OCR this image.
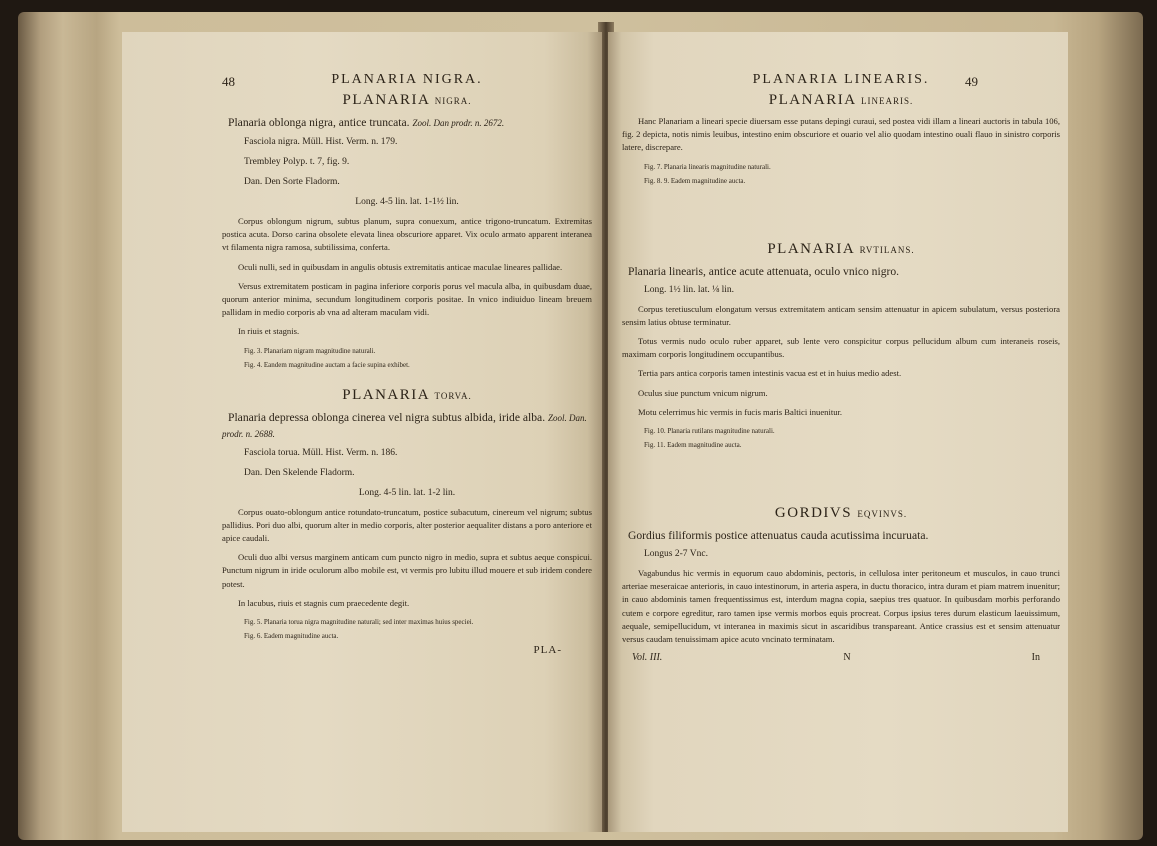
48	PLANARIA NIGRA.
PLANARIA NIGRA.

Planaria oblonga nigra, antice truncata. Zool. Dan prodr. n. 2672.

Fasciola nigra. Müll. Hist. Verm. n. 179.

Trembley Polyp. t. 7, fig. 9.

Dan. Den Sorte Fladorm.

Long. 4-5 lin. lat. 1-1½ lin.

Corpus oblongum nigrum, subtus planum, supra conuexum, antice trigono-truncatum. Extremitas postica acuta. Dorso carina obsolete elevata linea obscuriore apparet. Vix oculo armato apparent interanea vt filamenta nigra ramosa, subtilissima, conferta.

Oculi nulli, sed in quibusdam in angulis obtusis extremitatis anticae maculae lineares pallidae.

Versus extremitatem posticam in pagina inferiore corporis porus vel macula alba, in quibusdam duae, quorum anterior minima, secundum longitudinem corporis positae. In vnico indiuiduo lineam breuem pallidam in medio corporis ab vna ad alteram maculam vidi.

In riuis et stagnis.

Fig. 3. Planariam nigram magnitudine naturali.

Fig. 4. Eandem magnitudine auctam a facie supina exhibet.

PLANARIA TORVA.

Planaria depressa oblonga cinerea vel nigra subtus albida, iride alba. Zool. Dan. prodr. n. 2688.

Fasciola torua. Müll. Hist. Verm. n. 186.

Dan. Den Skelende Fladorm.

Long. 4-5 lin. lat. 1-2 lin.

Corpus ouato-oblongum antice rotundato-truncatum, postice subacutum, cinereum vel nigrum; subtus pallidius. Pori duo albi, quorum alter in medio corporis, alter posterior aequaliter distans a poro anteriore et apice caudali.

Oculi duo albi versus marginem anticam cum puncto nigro in medio, supra et subtus aeque conspicui. Punctum nigrum in iride oculorum albo mobile est, vt vermis pro lubitu illud mouere et sub iridem condere potest.

In lacubus, riuis et stagnis cum praecedente degit.

Fig. 5. Planaria torua nigra magnitudine naturali; sed inter maximas huius speciei.

Fig. 6. Eadem magnitudine aucta.

PLA-
49
PLANARIA LINEARIS.
PLANARIA LINEARIS.

Hanc Planariam a lineari specie diuersam esse putans depingi curaui, sed postea vidi illam a lineari auctoris in tabula 106, fig. 2 depicta, notis nimis leuibus, intestino enim obscuriore et ouario vel alio quodam intestino ouali flauo in sinistro corporis latere, discrepare.

Fig. 7. Planaria linearis magnitudine naturali.

Fig. 8. 9. Eadem magnitudine aucta.

PLANARIA RVTILANS.

Planaria linearis, antice acute attenuata, oculo vnico nigro.

Long. 1½ lin. lat. ⅛ lin.

Corpus teretiusculum elongatum versus extremitatem anticam sensim attenuatur in apicem subulatum, versus posteriora sensim latius obtuse terminatur.

Totus vermis nudo oculo ruber apparet, sub lente vero conspicitur corpus pellucidum album cum interaneis roseis, maximam corporis longitudinem occupantibus.

Tertia pars antica corporis tamen intestinis vacua est et in huius medio adest.

Oculus siue punctum vnicum nigrum.

Motu celerrimus hic vermis in fucis maris Baltici inuenitur.

Fig. 10. Planaria rutilans magnitudine naturali.

Fig. 11. Eadem magnitudine aucta.

GORDIVS EQVINVS.

Gordius filiformis postice attenuatus cauda acutissima incuruata.

Longus 2-7 Vnc.

Vagabundus hic vermis in equorum cauo abdominis, pectoris, in cellulosa inter peritoneum et musculos, in cauo trunci arteriae meseraicae anterioris, in cauo intestinorum, in arteria aspera, in ductu thoracico, intra duram et piam matrem inuenitur; in cauo abdominis tamen frequentissimus est, interdum magna copia, saepius tres quatuor. In quibusdam morbis perforando cutem e corpore egreditur, raro tamen ipse vermis morbos equis procreat. Corpus ipsius teres durum elasticum laeuissimum, aequale, semipellucidum, vt interanea in maximis sicut in ascaridibus transpareant. Antice crassius est et sensim attenuatur versus caudam tenuissimam apice acuto vncinato terminatam.

Vol. III.	N	In
